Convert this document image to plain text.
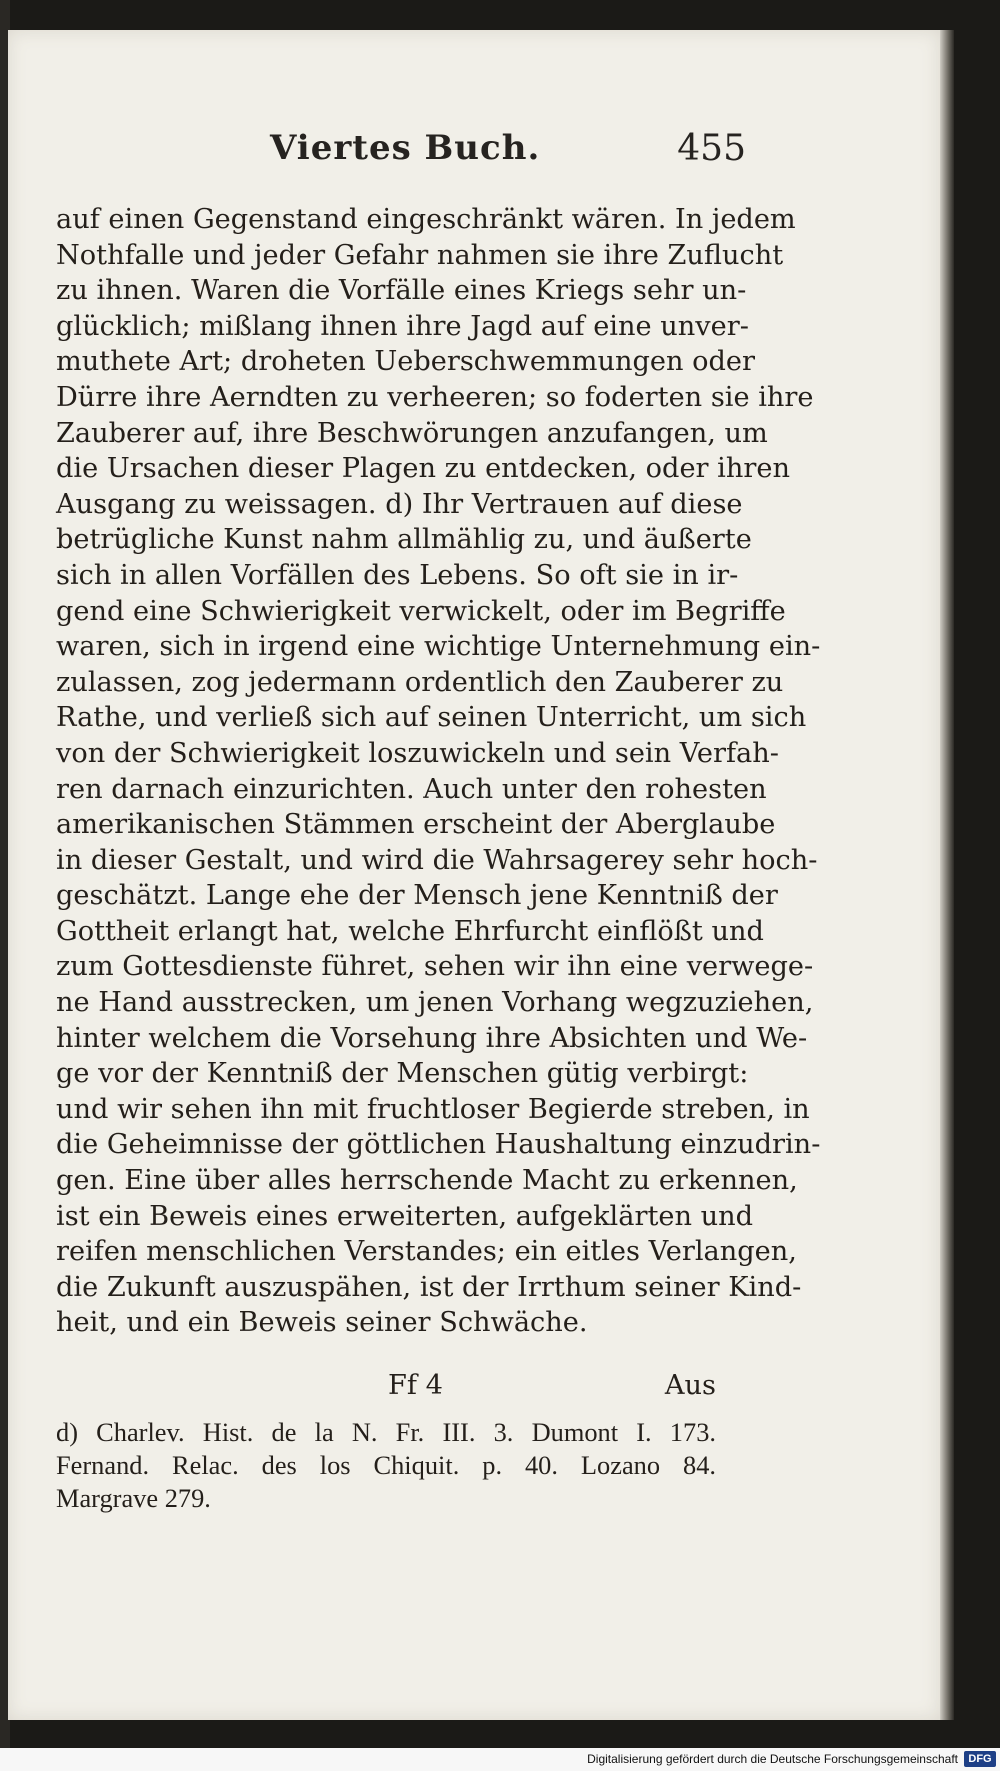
Viertes Buch.	455
auf einen Gegenstand eingeschränkt wären. In jedem
Nothfalle und jeder Gefahr nahmen sie ihre Zuflucht
zu ihnen. Waren die Vorfälle eines Kriegs sehr un-
glücklich; mißlang ihnen ihre Jagd auf eine unver-
muthete Art; droheten Ueberschwemmungen oder
Dürre ihre Aerndten zu verheeren; so foderten sie ihre
Zauberer auf, ihre Beschwörungen anzufangen, um
die Ursachen dieser Plagen zu entdecken, oder ihren
Ausgang zu weissagen. d) Ihr Vertrauen auf diese
betrügliche Kunst nahm allmählig zu, und äußerte
sich in allen Vorfällen des Lebens. So oft sie in ir-
gend eine Schwierigkeit verwickelt, oder im Begriffe
waren, sich in irgend eine wichtige Unternehmung ein-
zulassen, zog jedermann ordentlich den Zauberer zu
Rathe, und verließ sich auf seinen Unterricht, um sich
von der Schwierigkeit loszuwickeln und sein Verfah-
ren darnach einzurichten. Auch unter den rohesten
amerikanischen Stämmen erscheint der Aberglaube
in dieser Gestalt, und wird die Wahrsagerey sehr hoch-
geschätzt. Lange ehe der Mensch jene Kenntniß der
Gottheit erlangt hat, welche Ehrfurcht einflößt und
zum Gottesdienste führet, sehen wir ihn eine verwege-
ne Hand ausstrecken, um jenen Vorhang wegzuziehen,
hinter welchem die Vorsehung ihre Absichten und We-
ge vor der Kenntniß der Menschen gütig verbirgt:
und wir sehen ihn mit fruchtloser Begierde streben, in
die Geheimnisse der göttlichen Haushaltung einzudrin-
gen. Eine über alles herrschende Macht zu erkennen,
ist ein Beweis eines erweiterten, aufgeklärten und
reifen menschlichen Verstandes; ein eitles Verlangen,
die Zukunft auszuspähen, ist der Irrthum seiner Kind-
heit, und ein Beweis seiner Schwäche.
Ff 4	Aus
d) Charlev. Hist. de la N. Fr. III. 3. Dumont I. 173.
Fernand. Relac. des los Chiquit. p. 40. Lozano 84.
Margrave 279.
Digitalisierung gefördert durch die Deutsche Forschungsgemeinschaft DFG
